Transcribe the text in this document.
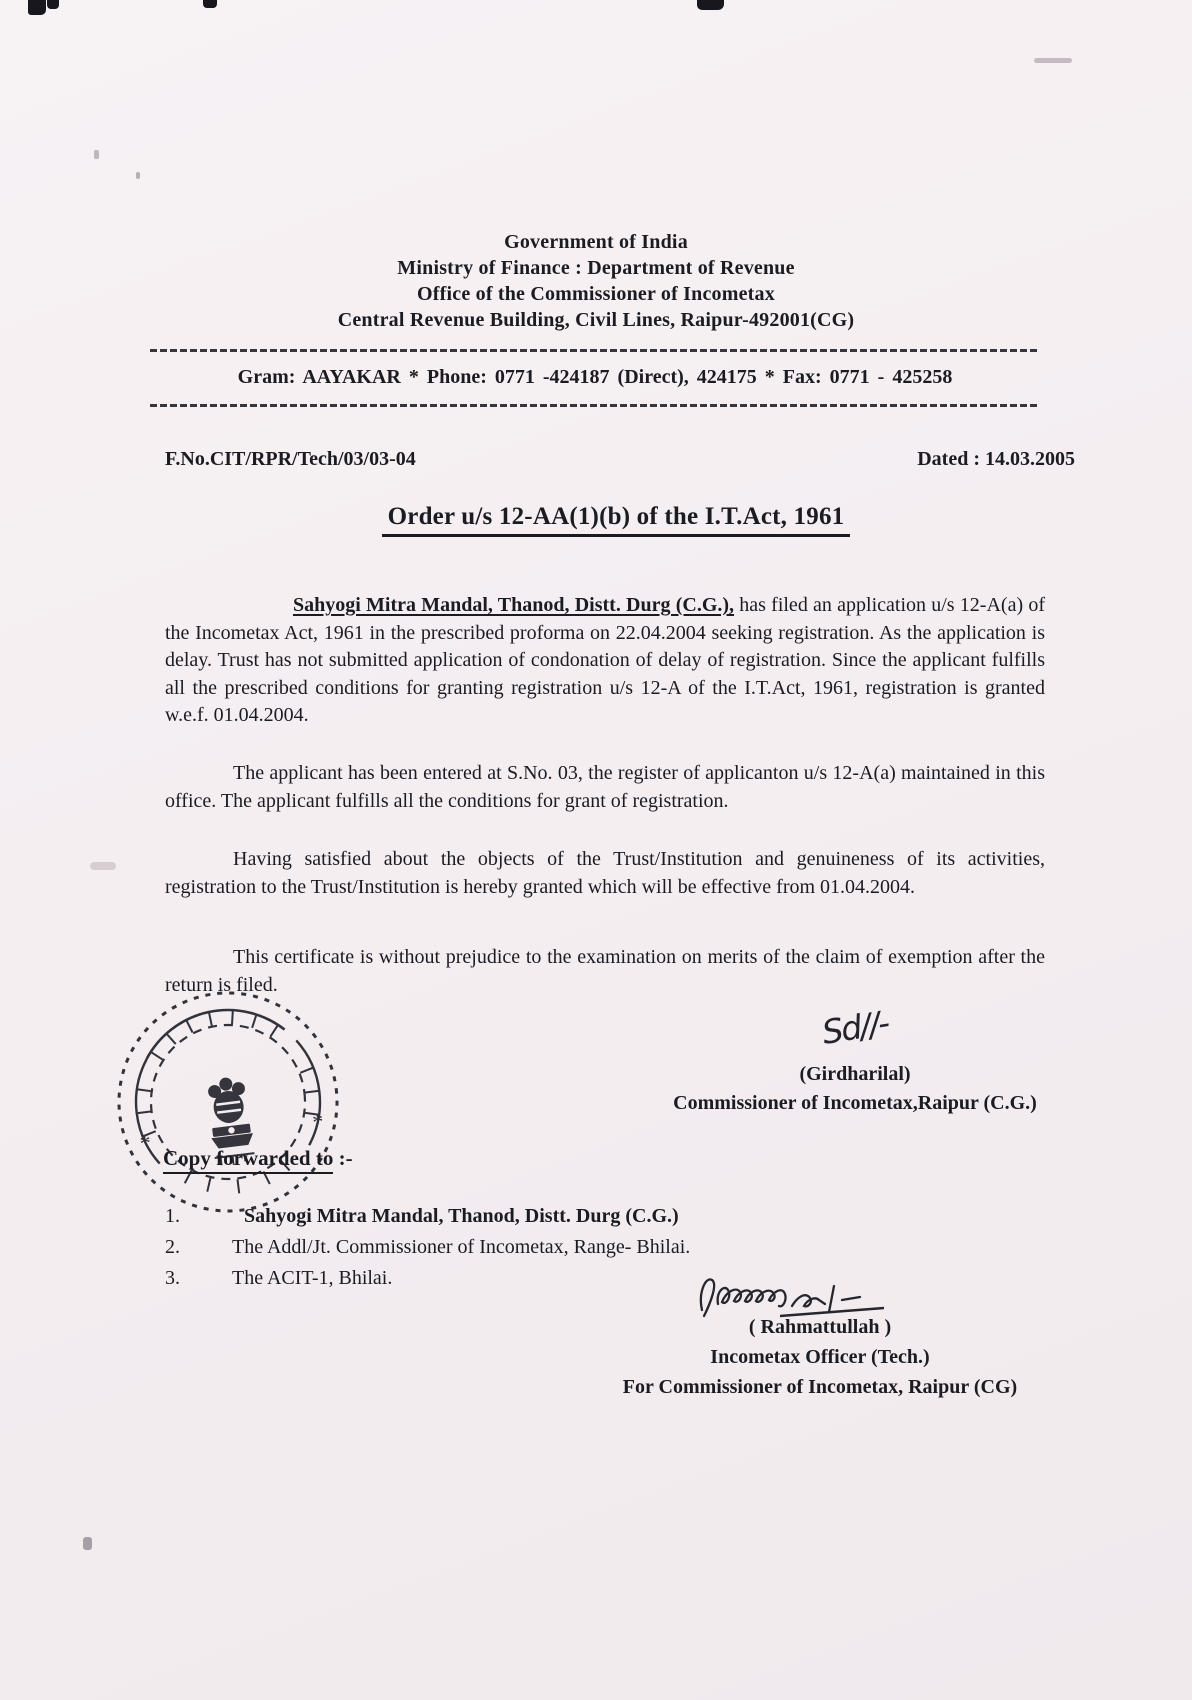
Government of India
Ministry of Finance : Department of Revenue
Office of the Commissioner of Incometax
Central Revenue Building, Civil Lines, Raipur-492001(CG)
Gram: AAYAKAR * Phone: 0771 -424187 (Direct), 424175 * Fax: 0771 - 425258
F.No.CIT/RPR/Tech/03/03-04	Dated : 14.03.2005
Order u/s 12-AA(1)(b) of the I.T.Act, 1961
Sahyogi Mitra Mandal, Thanod, Distt. Durg (C.G.), has filed an application u/s 12-A(a) of the Incometax Act, 1961 in the prescribed proforma on 22.04.2004 seeking registration. As the application is delay. Trust has not submitted application of condonation of delay of registration. Since the applicant fulfills all the prescribed conditions for granting registration u/s 12-A of the I.T.Act, 1961, registration is granted w.e.f. 01.04.2004.
The applicant has been entered at S.No. 03, the register of applicanton u/s 12-A(a) maintained in this office. The applicant fulfills all the conditions for grant of registration.
Having satisfied about the objects of the Trust/Institution and genuineness of its activities, registration to the Trust/Institution is hereby granted which will be effective from 01.04.2004.
This certificate is without prejudice to the examination on merits of the claim of exemption after the return is filed.
Sd//-
(Girdharilal)
Commissioner of Incometax,Raipur (C.G.)
*
*
Copy forwarded to :-
1.	Sahyogi Mitra Mandal, Thanod, Distt. Durg (C.G.)
2.	The Addl/Jt. Commissioner of Incometax, Range- Bhilai.
3.	The ACIT-1, Bhilai.
( Rahmattullah )
Incometax Officer (Tech.)
For Commissioner of Incometax, Raipur (CG)
